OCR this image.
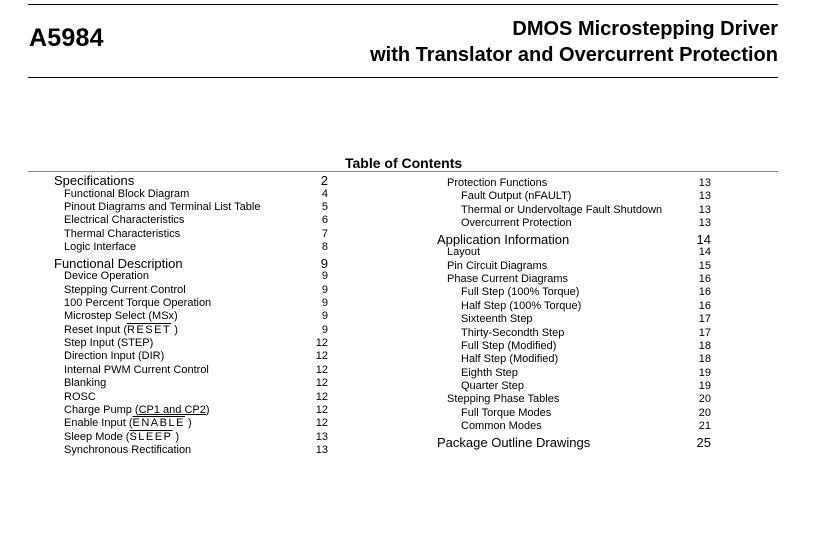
A5984	DMOS Microstepping Driver
with Translator and Overcurrent Protection
Table of Contents
Specifications	2
Functional Block Diagram	4
Pinout Diagrams and Terminal List Table	5
Electrical Characteristics	6
Thermal Characteristics	7
Logic Interface	8
Functional Description	9
Device Operation	9
Stepping Current Control	9
100 Percent Torque Operation	9
Microstep Select (MSx)	9
Reset Input (RESET )	9
Step Input (STEP)	12
Direction Input (DIR)	12
Internal PWM Current Control	12
Blanking	12
ROSC	12
Charge Pump (CP1 and CP2)	12
Enable Input (ENABLE )	12
Sleep Mode (SLEEP )	13
Synchronous Rectification	13
Protection Functions	13
Fault Output (nFAULT)	13
Thermal or Undervoltage Fault Shutdown	13
Overcurrent Protection	13
Application Information	14
Layout	14
Pin Circuit Diagrams	15
Phase Current Diagrams	16
Full Step (100% Torque)	16
Half Step (100% Torque)	16
Sixteenth Step	17
Thirty-Secondth Step	17
Full Step (Modified)	18
Half Step (Modified)	18
Eighth Step	19
Quarter Step	19
Stepping Phase Tables	20
Full Torque Modes	20
Common Modes	21
Package Outline Drawings	25
